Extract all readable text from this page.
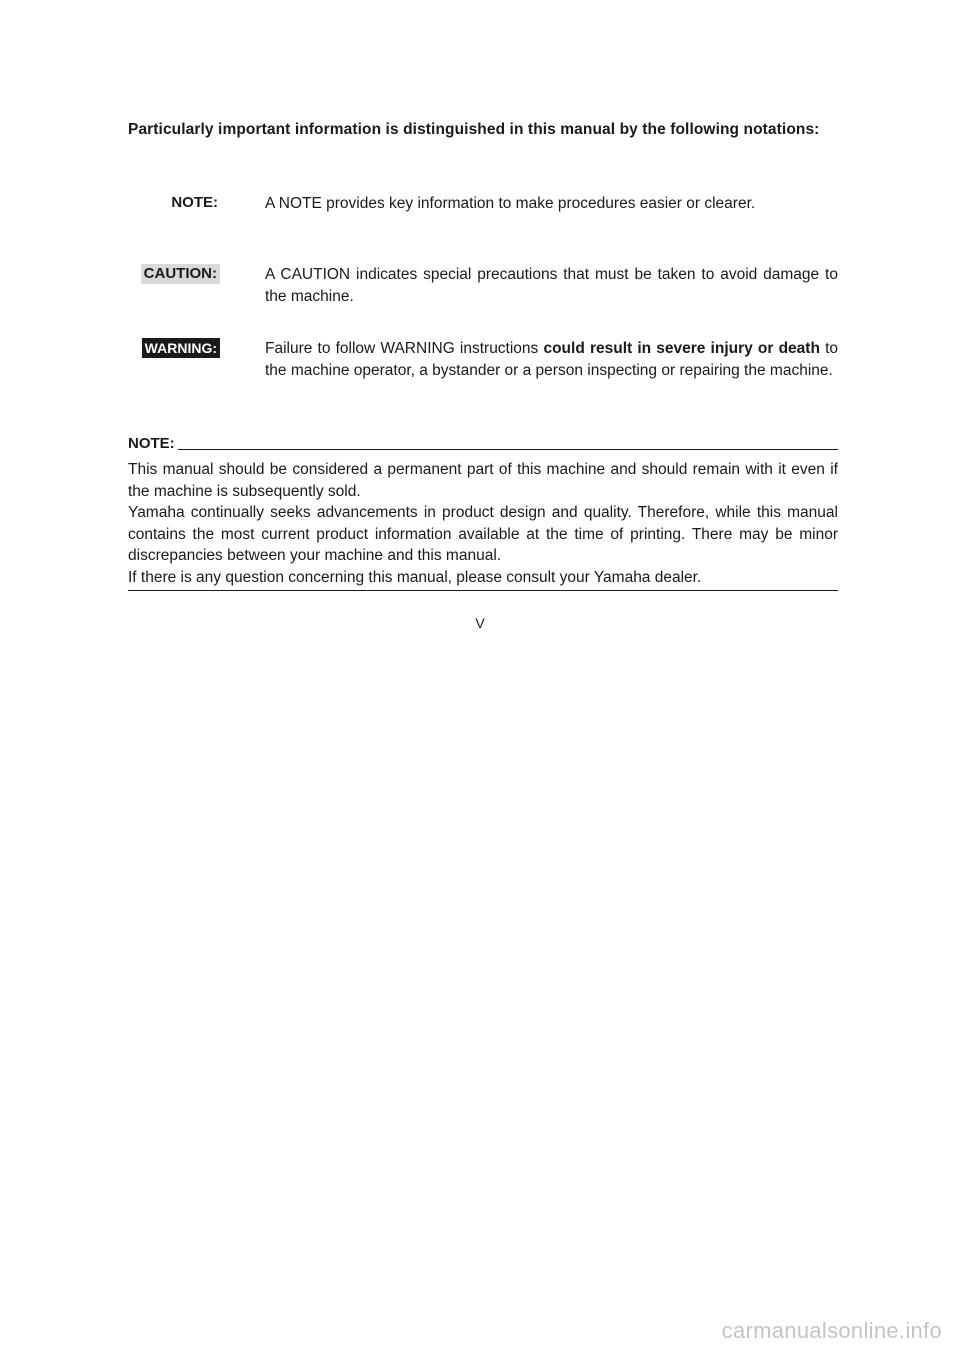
Particularly important information is distinguished in this manual by the following notations:
NOTE:	A NOTE provides key information to make procedures easier or clearer.
CAUTION:	A CAUTION indicates special precautions that must be taken to avoid damage to the machine.
WARNING:	Failure to follow WARNING instructions could result in severe injury or death to the machine operator, a bystander or a person inspecting or repairing the machine.
NOTE:

This manual should be considered a permanent part of this machine and should remain with it even if the machine is subsequently sold.

Yamaha continually seeks advancements in product design and quality. Therefore, while this manual contains the most current product information available at the time of printing. There may be minor discrepancies between your machine and this manual.

If there is any question concerning this manual, please consult your Yamaha dealer.

V
carmanualsonline.info
